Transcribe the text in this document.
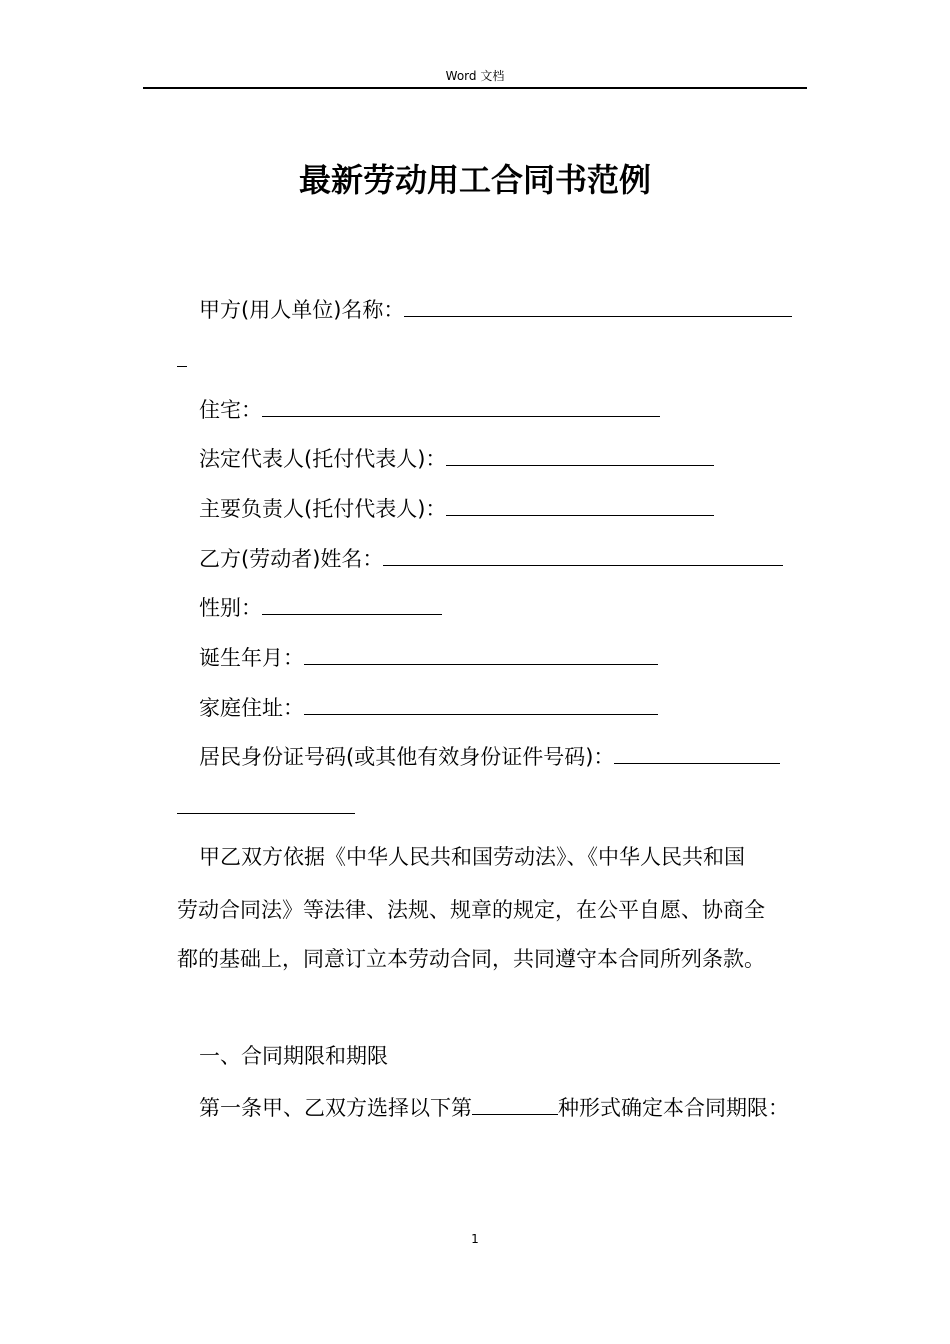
Word 文档
最新劳动用工合同书范例
甲方(用人单位)名称：
住宅：
法定代表人(托付代表人)：
主要负责人(托付代表人)：
乙方(劳动者)姓名：
性别：
诞生年月：
家庭住址：
居民身份证号码(或其他有效身份证件号码)：
甲乙双方依据《中华人民共和国劳动法》、《中华人民共和国
劳动合同法》等法律、法规、规章的规定，在公平自愿、协商全
都的基础上，同意订立本劳动合同，共同遵守本合同所列条款。
一、合同期限和期限
第一条甲、乙双方选择以下第	种形式确定本合同期限：
1
